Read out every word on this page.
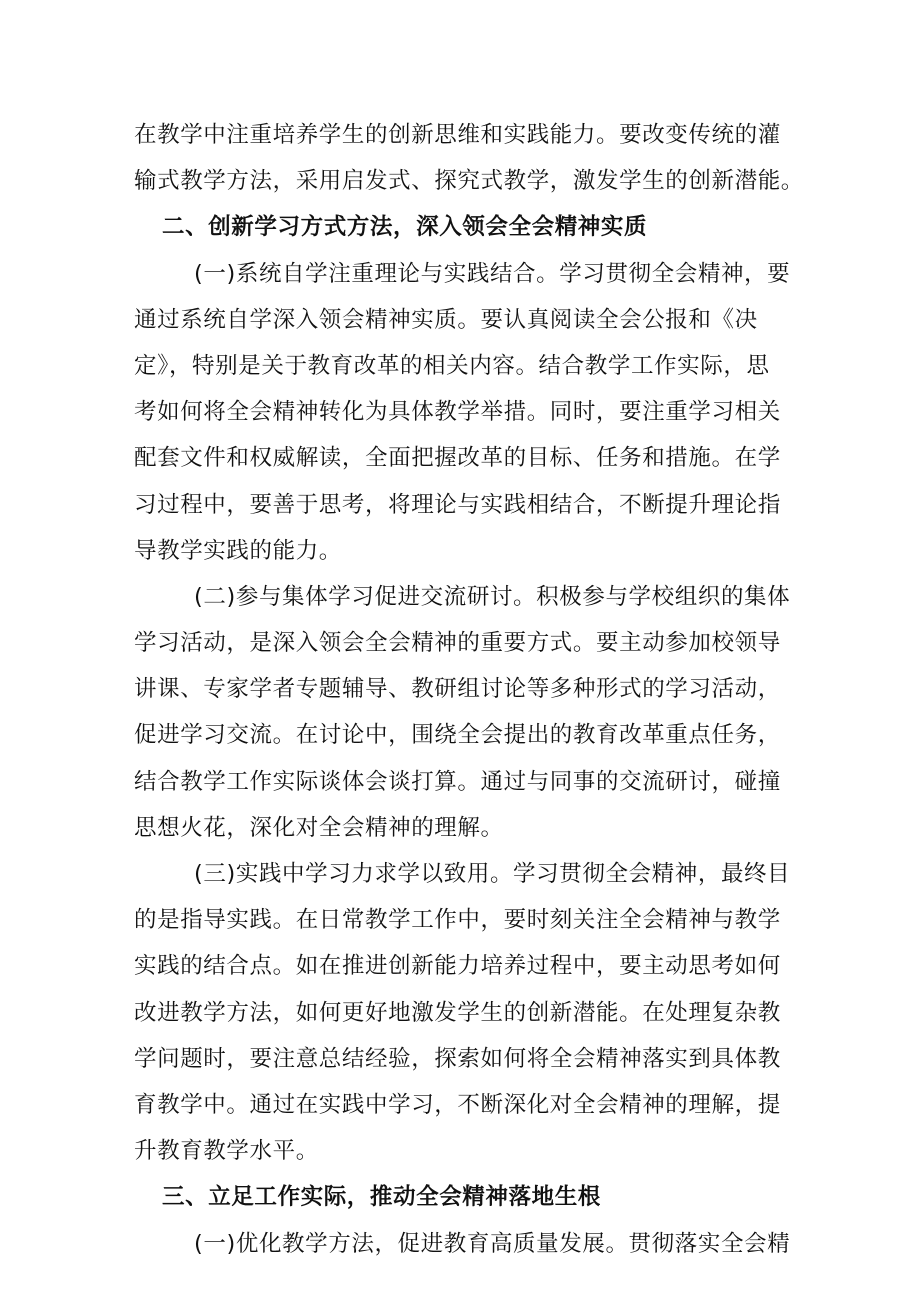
在教学中注重培养学生的创新思维和实践能力。要改变传统的灌
输式教学方法，采用启发式、探究式教学，激发学生的创新潜能。
二、创新学习方式方法，深入领会全会精神实质
(一)系统自学注重理论与实践结合。学习贯彻全会精神，要
通过系统自学深入领会精神实质。要认真阅读全会公报和《决
定》，特别是关于教育改革的相关内容。结合教学工作实际，思
考如何将全会精神转化为具体教学举措。同时，要注重学习相关
配套文件和权威解读，全面把握改革的目标、任务和措施。在学
习过程中，要善于思考，将理论与实践相结合，不断提升理论指
导教学实践的能力。
(二)参与集体学习促进交流研讨。积极参与学校组织的集体
学习活动，是深入领会全会精神的重要方式。要主动参加校领导
讲课、专家学者专题辅导、教研组讨论等多种形式的学习活动，
促进学习交流。在讨论中，围绕全会提出的教育改革重点任务，
结合教学工作实际谈体会谈打算。通过与同事的交流研讨，碰撞
思想火花，深化对全会精神的理解。
(三)实践中学习力求学以致用。学习贯彻全会精神，最终目
的是指导实践。在日常教学工作中，要时刻关注全会精神与教学
实践的结合点。如在推进创新能力培养过程中，要主动思考如何
改进教学方法，如何更好地激发学生的创新潜能。在处理复杂教
学问题时，要注意总结经验，探索如何将全会精神落实到具体教
育教学中。通过在实践中学习，不断深化对全会精神的理解，提
升教育教学水平。
三、立足工作实际，推动全会精神落地生根
(一)优化教学方法，促进教育高质量发展。贯彻落实全会精
